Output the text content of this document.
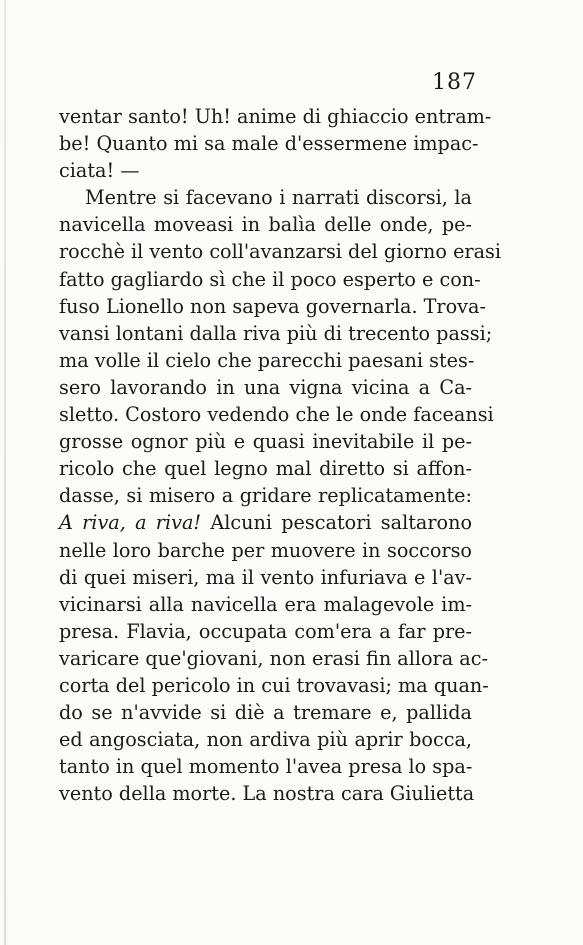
187
ventar santo! Uh! anime di ghiaccio entram-
be! Quanto mi sa male d'essermene impac-
ciata! —
Mentre si facevano i narrati discorsi, la
navicella moveasi in balìa delle onde, pe-
rocchè il vento coll'avanzarsi del giorno erasi
fatto gagliardo sì che il poco esperto e con-
fuso Lionello non sapeva governarla. Trova-
vansi lontani dalla riva più di trecento passi;
ma volle il cielo che parecchi paesani stes-
sero lavorando in una vigna vicina a Ca-
sletto. Costoro vedendo che le onde faceansi
grosse ognor più e quasi inevitabile il pe-
ricolo che quel legno mal diretto si affon-
dasse, si misero a gridare replicatamente:
A riva, a riva! Alcuni pescatori saltarono
nelle loro barche per muovere in soccorso
di quei miseri, ma il vento infuriava e l'av-
vicinarsi alla navicella era malagevole im-
presa. Flavia, occupata com'era a far pre-
varicare que'giovani, non erasi fin allora ac-
corta del pericolo in cui trovavasi; ma quan-
do se n'avvide si diè a tremare e, pallida
ed angosciata, non ardiva più aprir bocca,
tanto in quel momento l'avea presa lo spa-
vento della morte. La nostra cara Giulietta
